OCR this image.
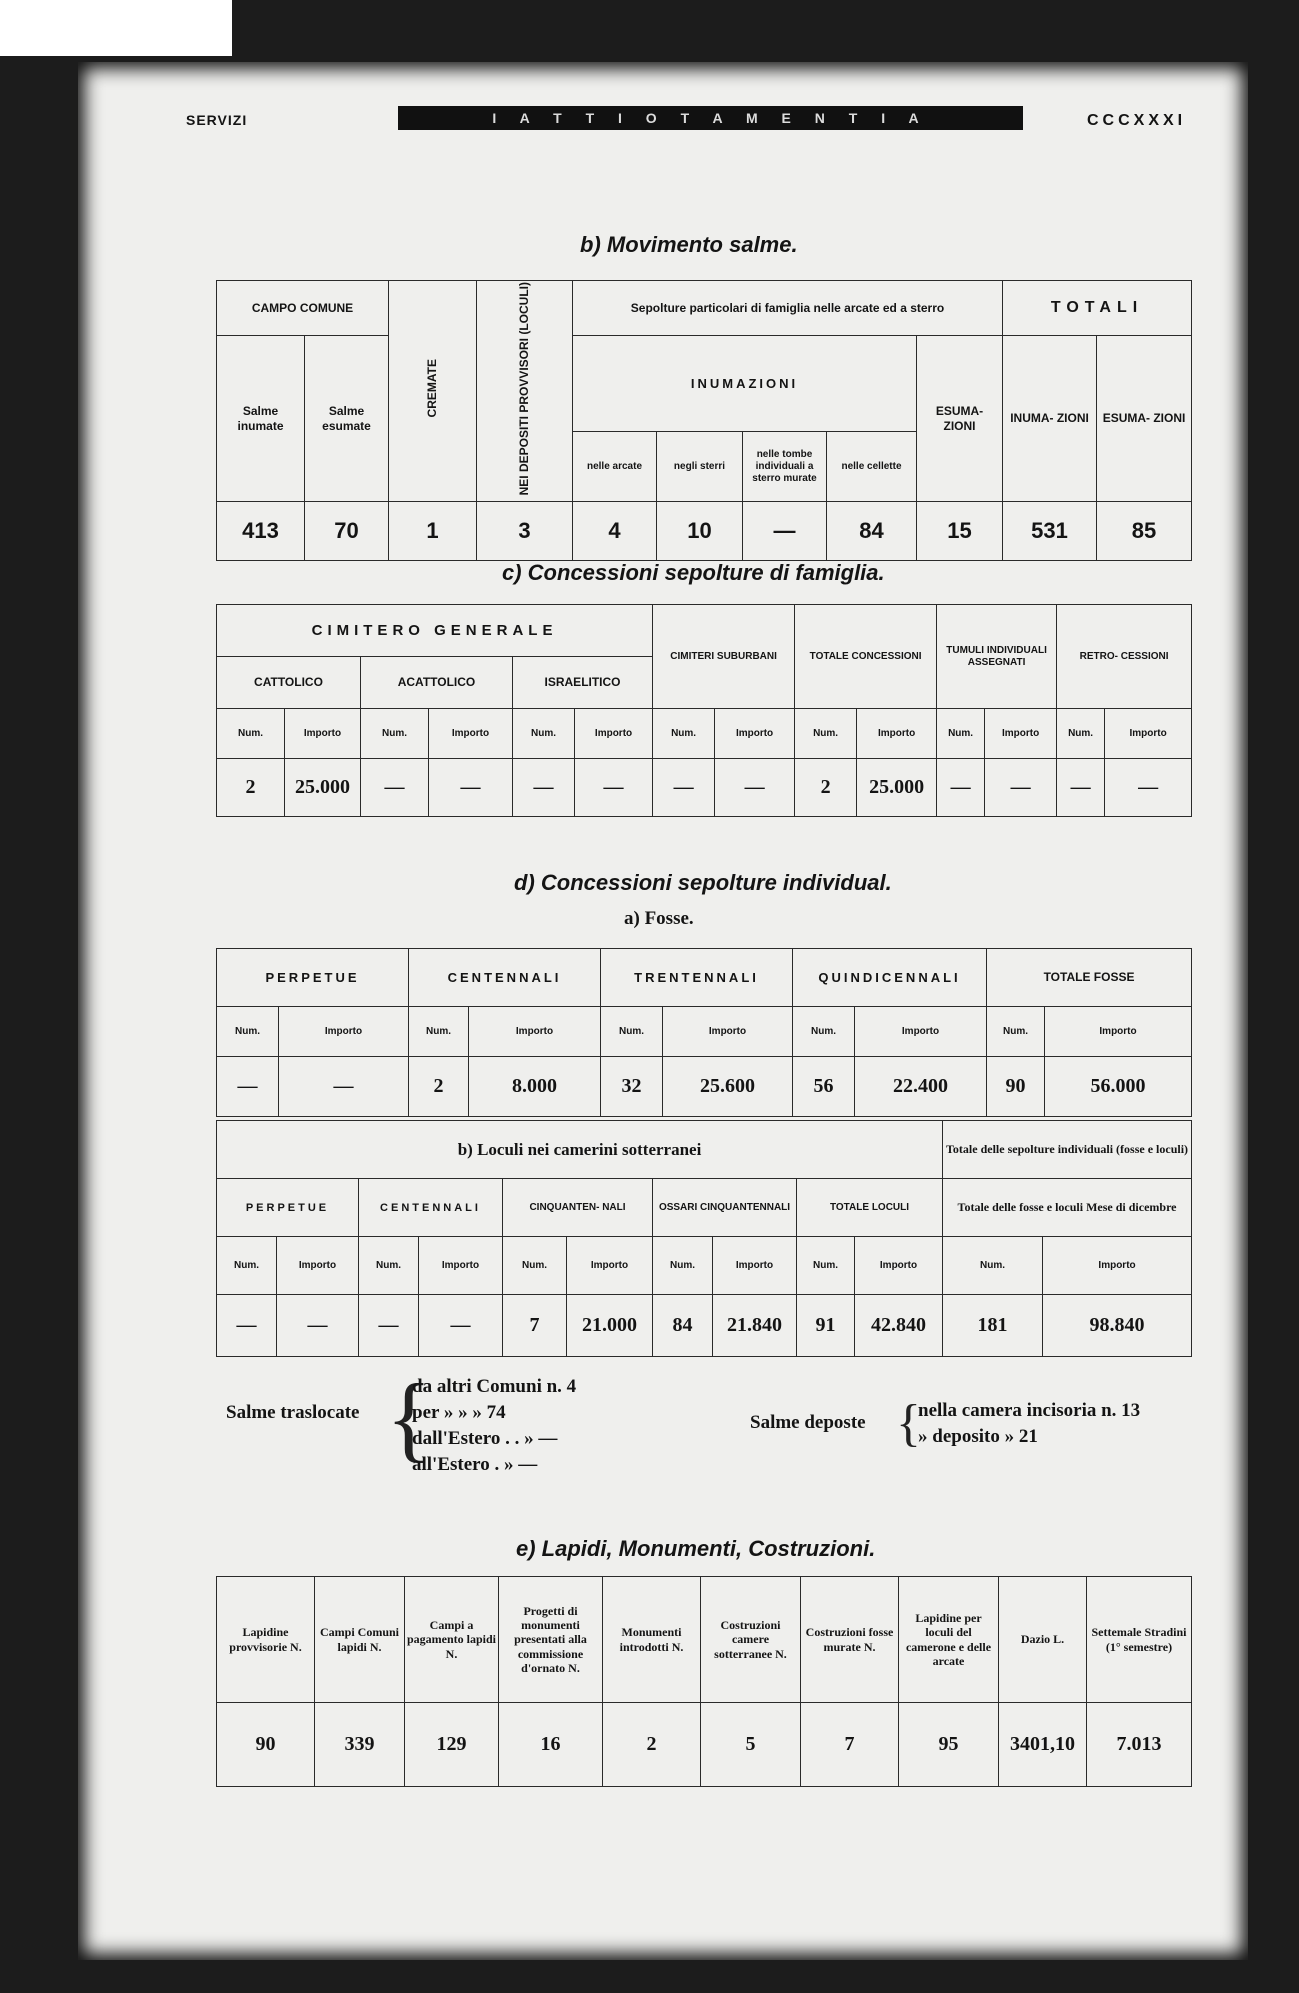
SERVIZI	I A T T I O T A M E N T I A	CCCXXXI
b) Movimento salme.
CAMPO COMUNE		CREMATE	NEI DEPOSITI PROVVISORI (LOCULI)	Sepolture particolari di famiglia nelle arcate ed a sterro					TOTALI	
Salme inumate	Salme esumate			INUMAZIONI				ESUMA- ZIONI	INUMA- ZIONI	ESUMA- ZIONI
				nelle arcate	negli sterri	nelle tombe individuali a sterro murate	nelle cellette			
413	70	1	3	4	10	—	84	15	531	85
c) Concessioni sepolture di famiglia.
CIMITERO GENERALE						CIMITERI SUBURBANI		TOTALE CONCESSIONI		TUMULI INDIVIDUALI ASSEGNATI		RETRO- CESSIONI	
CATTOLICO		ACATTOLICO		ISRAELITICO									
Num.	Importo	Num.	Importo	Num.	Importo	Num.	Importo	Num.	Importo	Num.	Importo	Num.	Importo
2	25.000	—	—	—	—	—	—	2	25.000	—	—	—	—
d) Concessioni sepolture individual.
a) Fosse.
PERPETUE		CENTENNALI		TRENTENNALI		QUINDICENNALI		TOTALE FOSSE	
Num.	Importo	Num.	Importo	Num.	Importo	Num.	Importo	Num.	Importo
—	—	2	8.000	32	25.600	56	22.400	90	56.000
b) Loculi nei camerini sotterranei										Totale delle sepolture individuali (fosse e loculi)	
PERPETUE		CENTENNALI		CINQUANTEN- NALI		OSSARI CINQUANTENNALI		TOTALE LOCULI		Totale delle fosse e loculi Mese di dicembre	
Num.	Importo	Num.	Importo	Num.	Importo	Num.	Importo	Num.	Importo	Num.	Importo
—	—	—	—	7	21.000	84	21.840	91	42.840	181	98.840
Salme traslocate {
da altri Comuni n. 4
per » » » 74
dall'Estero . . » —
all'Estero . » —
Salme deposte {
nella camera incisoria n. 13
» deposito » 21
e) Lapidi, Monumenti, Costruzioni.
Lapidine provvisorie N.	Campi Comuni lapidi N.	Campi a pagamento lapidi N.	Progetti di monumenti presentati alla commissione d'ornato N.	Monumenti introdotti N.	Costruzioni camere sotterranee N.	Costruzioni fosse murate N.	Lapidine per loculi del camerone e delle arcate	Dazio L.	Settemale Stradini (1° semestre)
90	339	129	16	2	5	7	95	3401,10	7.013
